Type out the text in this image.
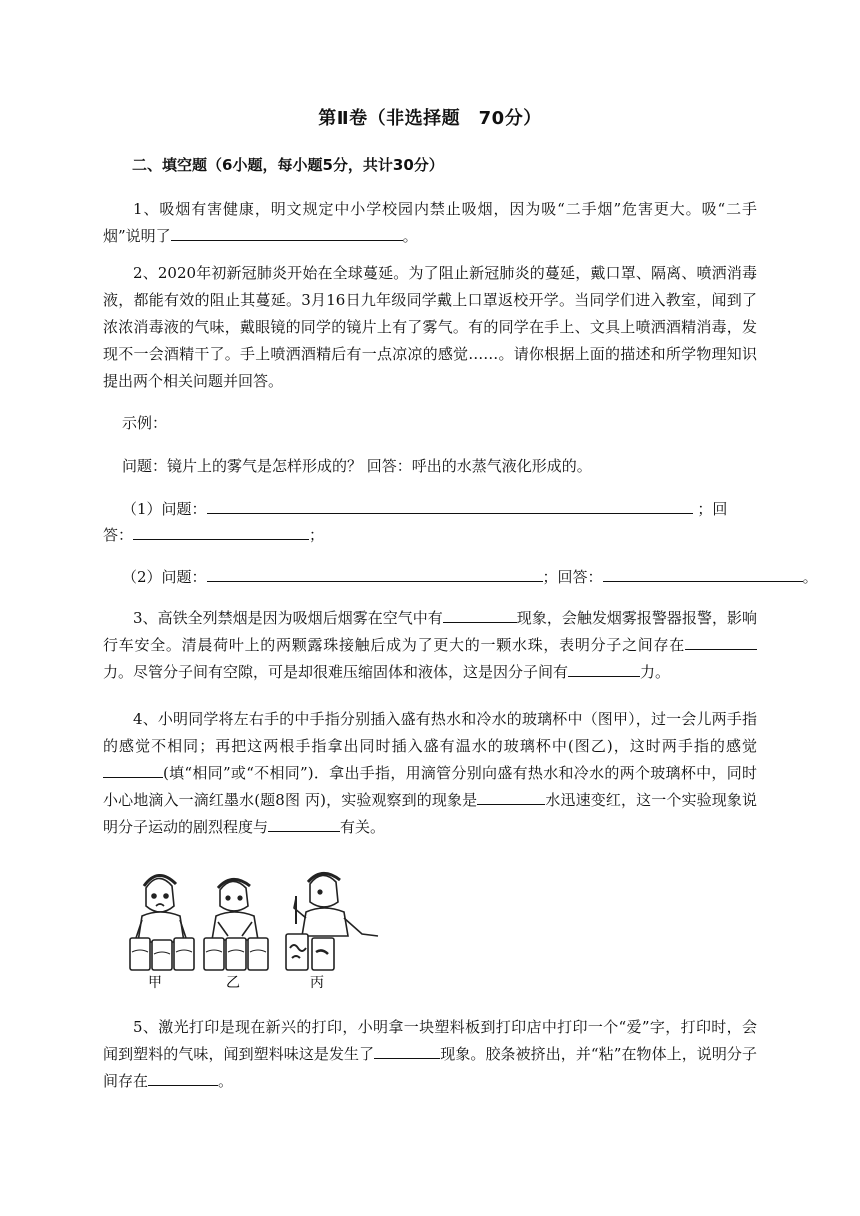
第Ⅱ卷（非选择题　70分）
二、填空题（6小题，每小题5分，共计30分）
1、吸烟有害健康，明文规定中小学校园内禁止吸烟，因为吸“二手烟”危害更大。吸“二手烟”说明了	。
2、2020年初新冠肺炎开始在全球蔓延。为了阻止新冠肺炎的蔓延，戴口罩、隔离、喷洒消毒液，都能有效的阻止其蔓延。3月16日九年级同学戴上口罩返校开学。当同学们进入教室，闻到了浓浓消毒液的气味，戴眼镜的同学的镜片上有了雾气。有的同学在手上、文具上喷洒酒精消毒，发现不一会酒精干了。手上喷洒酒精后有一点凉凉的感觉……。请你根据上面的描述和所学物理知识提出两个相关问题并回答。
示例：
问题：镜片上的雾气是怎样形成的？ 回答：呼出的水蒸气液化形成的。
（1）问题：	；回
答：	；
（2）问题：	；回答：	。
3、高铁全列禁烟是因为吸烟后烟雾在空气中有	现象，会触发烟雾报警器报警，影响行车安全。清晨荷叶上的两颗露珠接触后成为了更大的一颗水珠，表明分子之间存在力。尽管分子间有空隙，可是却很难压缩固体和液体，这是因分子间有	力。
4、小明同学将左右手的中手指分别插入盛有热水和冷水的玻璃杯中（图甲），过一会儿两手指的感觉不相同；再把这两根手指拿出同时插入盛有温水的玻璃杯中(图乙)，这时两手指的感觉(填“相同”或“不相同”)．拿出手指，用滴管分别向盛有热水和冷水的两个玻璃杯中，同时小心地滴入一滴红墨水(题8图 丙)，实验观察到的现象是	水迅速变红，这一个实验现象说明分子运动的剧烈程度与	有关。
甲	乙	丙
5、激光打印是现在新兴的打印，小明拿一块塑料板到打印店中打印一个“爱”字，打印时，会闻到塑料的气味，闻到塑料味这是发生了	现象。胶条被挤出，并“粘”在物体上，说明分子间存在	。
